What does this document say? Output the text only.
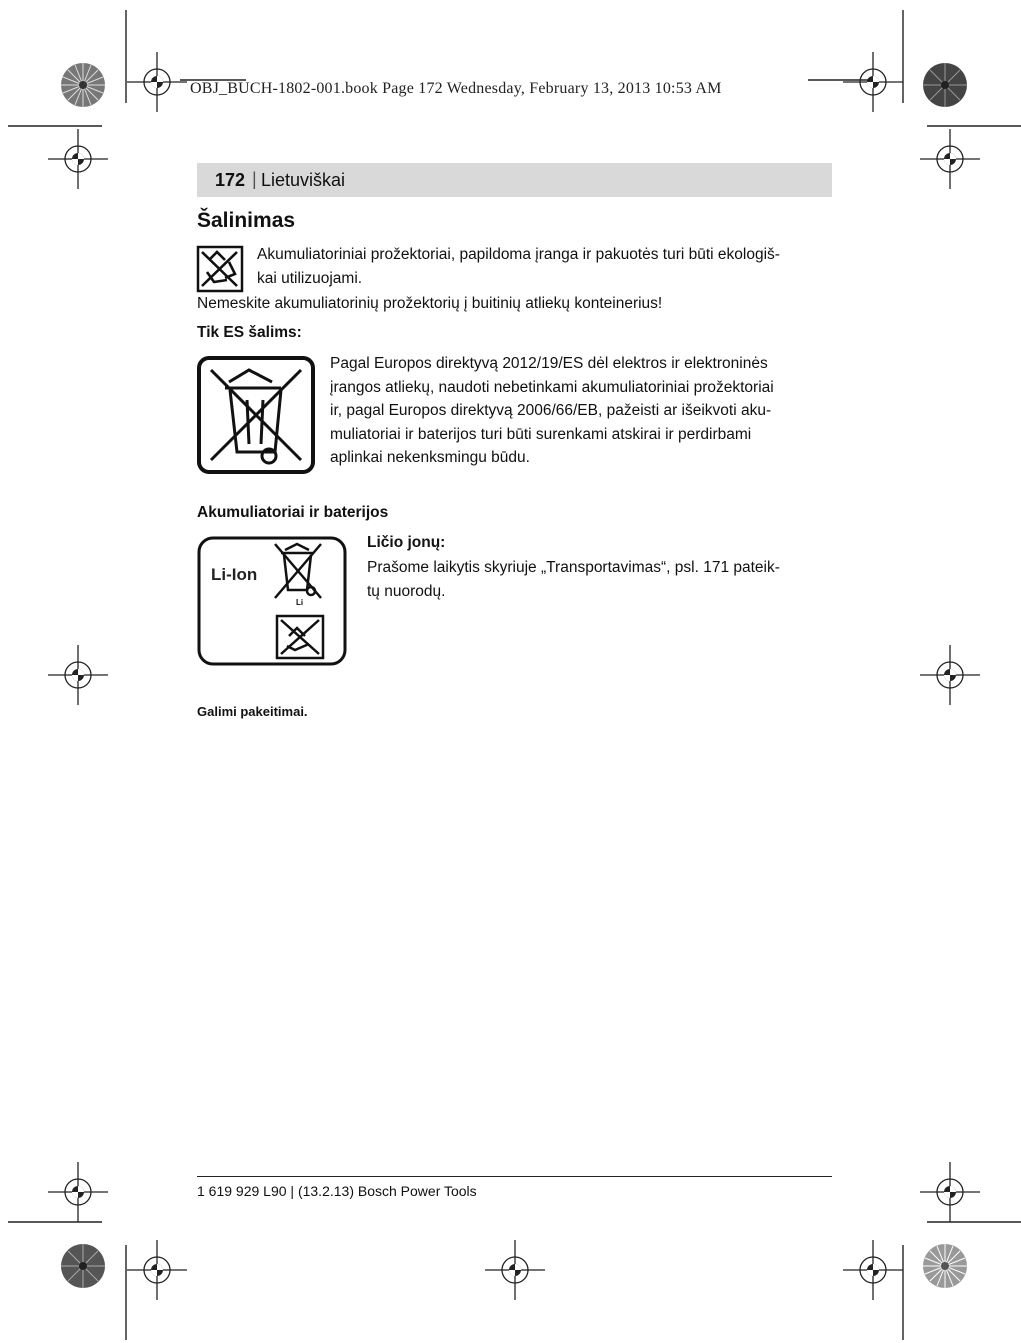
OBJ_BUCH-1802-001.book Page 172 Wednesday, February 13, 2013 10:53 AM
172 | Lietuviškai
Šalinimas
Akumuliatoriniai prožektoriai, papildoma įranga ir pakuotės turi būti ekologiš-
kai utilizuojami.
Nemeskite akumuliatorinių prožektorių į buitinių atliekų konteinerius!
Tik ES šalims:
Pagal Europos direktyvą 2012/19/ES dėl elektros ir elektroninės
įrangos atliekų, naudoti nebetinkami akumuliatoriniai prožektoriai
ir, pagal Europos direktyvą 2006/66/EB, pažeisti ar išeikvoti aku-
muliatoriai ir baterijos turi būti surenkami atskirai ir perdirbami
aplinkai nekenksmingu būdu.
Akumuliatoriai ir baterijos
Li-Ion
Li
Ličio jonų:
Prašome laikytis skyriuje „Transportavimas“, psl. 171 pateik-
tų nuorodų.
Galimi pakeitimai.
1 619 929 L90 | (13.2.13) Bosch Power Tools
